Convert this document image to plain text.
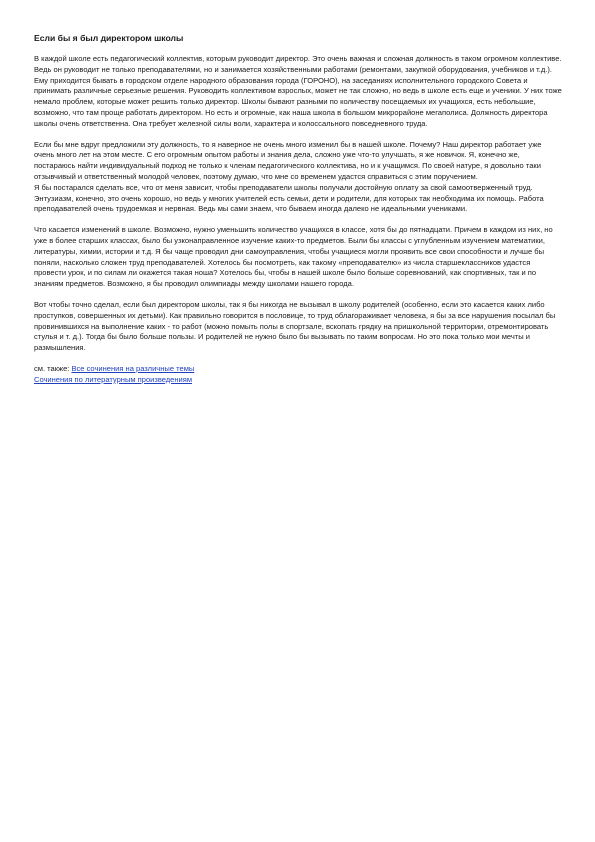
Если бы я был директором школы

В каждой школе есть педагогический коллектив, которым руководит директор. Это очень важная и сложная должность в таком огромном коллективе. Ведь он руководит не только преподавателями, но и занимается хозяйственными работами (ремонтами, закупкой оборудования, учебников и т.д.). Ему приходится бывать в городском отделе народного образования города (ГОРОНО), на заседаниях исполнительного городского Совета и принимать различные серьезные решения. Руководить коллективом взрослых, может не так сложно, но ведь в школе есть еще и ученики. У них тоже немало проблем, которые может решить только директор. Школы бывают разными по количеству посещаемых их учащихся, есть небольшие, возможно, что там проще работать директором. Но есть и огромные, как наша школа в большом микрорайоне мегаполиса. Должность директора школы очень ответственна. Она требует железной силы воли, характера и колоссального повседневного труда.

Если бы мне вдруг предложили эту должность, то я наверное не очень много изменил бы в нашей школе. Почему? Наш директор работает уже очень много лет на этом месте. С его огромным опытом работы и знания дела, сложно уже что-то улучшать, я же новичок. Я, конечно же, постараюсь найти индивидуальный подход не только к членам педагогического коллектива, но и к учащимся. По своей натуре, я довольно таки отзывчивый и ответственный молодой человек, поэтому думаю, что мне со временем удастся справиться с этим поручением.
Я бы постарался сделать все, что от меня зависит, чтобы преподаватели школы получали достойную оплату за свой самоотверженный труд. Энтузиазм, конечно, это очень хорошо, но ведь у многих учителей есть семьи, дети и родители, для которых так необходима их помощь. Работа преподавателей очень трудоемкая и нервная. Ведь мы сами знаем, что бываем иногда далеко не идеальными учениками.

Что касается изменений в школе. Возможно, нужно уменьшить количество учащихся в классе, хотя бы до пятнадцати. Причем в каждом из них, но уже в более старших классах, было бы узконаправленное изучение каких-то предметов. Были бы классы с углубленным изучением математики, литературы, химии, истории и т.д. Я бы чаще проводил дни самоуправления, чтобы учащиеся могли проявить все свои способности и лучше бы поняли, насколько сложен труд преподавателей. Хотелось бы посмотреть, как такому «преподавателю» из числа старшеклассников удастся провести урок, и по силам ли окажется такая ноша? Хотелось бы, чтобы в нашей школе было больше соревнований, как спортивных, так и по знаниям предметов. Возможно, я бы проводил олимпиады между школами нашего города.

Вот чтобы точно сделал, если был директором школы, так я бы никогда не вызывал в школу родителей (особенно, если это касается каких либо проступков, совершенных их детьми). Как правильно говорится в пословице, то труд облагораживает человека, я бы за все нарушения посылал бы провинившихся на выполнение каких - то работ (можно помыть полы в спортзале, вскопать грядку на пришкольной территории, отремонтировать стулья и т. д.). Тогда бы было больше пользы. И родителей не нужно было бы вызывать по таким вопросам. Но это пока только мои мечты и размышления.

см. также: Все сочинения на различные темы
Сочинения по литературным произведениям
